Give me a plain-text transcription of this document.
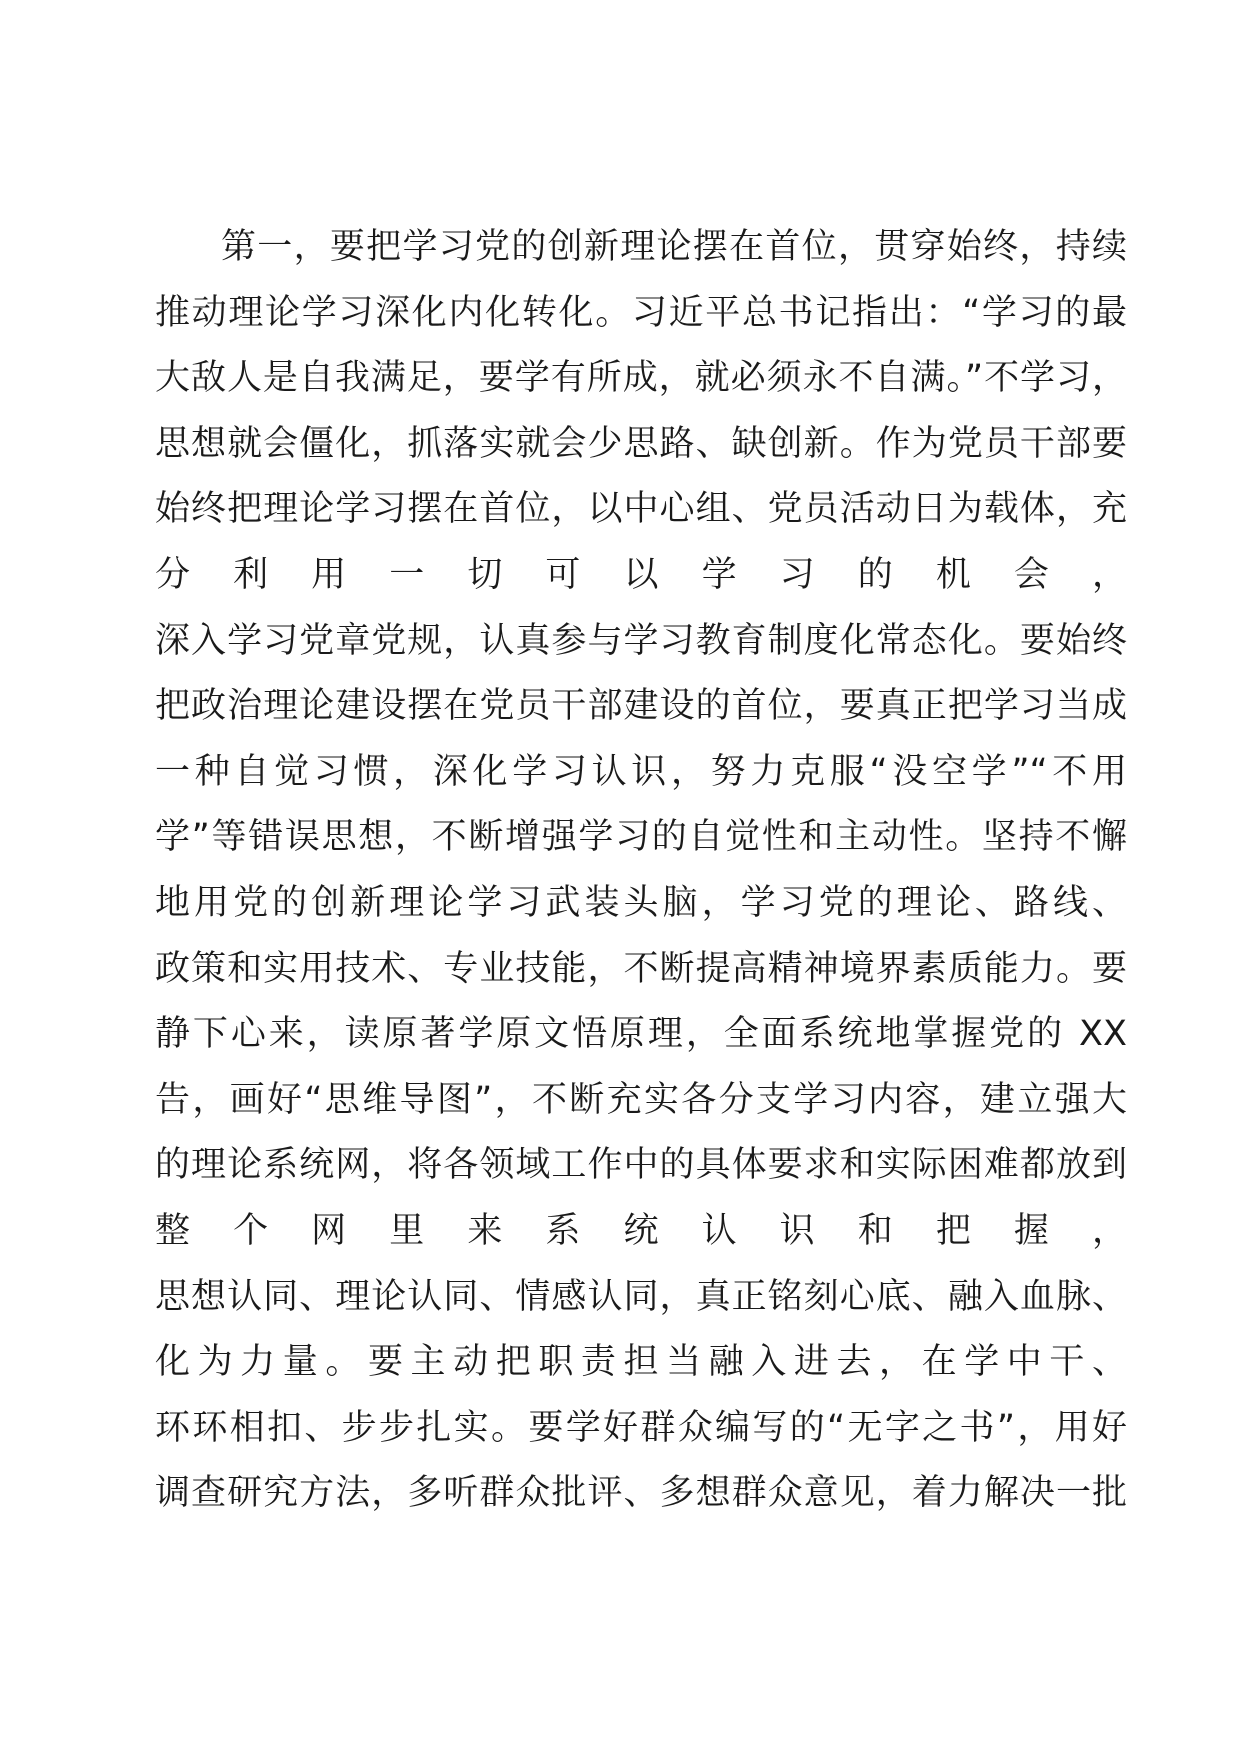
第一，要把学习党的创新理论摆在首位，贯穿始终，持续
推动理论学习深化内化转化。习近平总书记指出：“学习的最
大敌人是自我满足，要学有所成，就必须永不自满。”不学习，
思想就会僵化，抓落实就会少思路、缺创新。作为党员干部要
始终把理论学习摆在首位，以中心组、党员活动日为载体，充
分利用一切可以学习的机会，
深入学习党章党规，认真参与学习教育制度化常态化。要始终
把政治理论建设摆在党员干部建设的首位，要真正把学习当成
一种自觉习惯，深化学习认识，努力克服“没空学”“不用
学”等错误思想，不断增强学习的自觉性和主动性。坚持不懈
地用党的创新理论学习武装头脑，学习党的理论、路线、
政策和实用技术、专业技能，不断提高精神境界素质能力。要
静下心来，读原著学原文悟原理，全面系统地掌握党的 XX
告，画好“思维导图”，不断充实各分支学习内容，建立强大
的理论系统网，将各领域工作中的具体要求和实际困难都放到
整个网里来系统认识和把握，
思想认同、理论认同、情感认同，真正铭刻心底、融入血脉、
化为力量。要主动把职责担当融入进去，在学中干、
环环相扣、步步扎实。要学好群众编写的“无字之书”，用好
调查研究方法，多听群众批评、多想群众意见，着力解决一批
